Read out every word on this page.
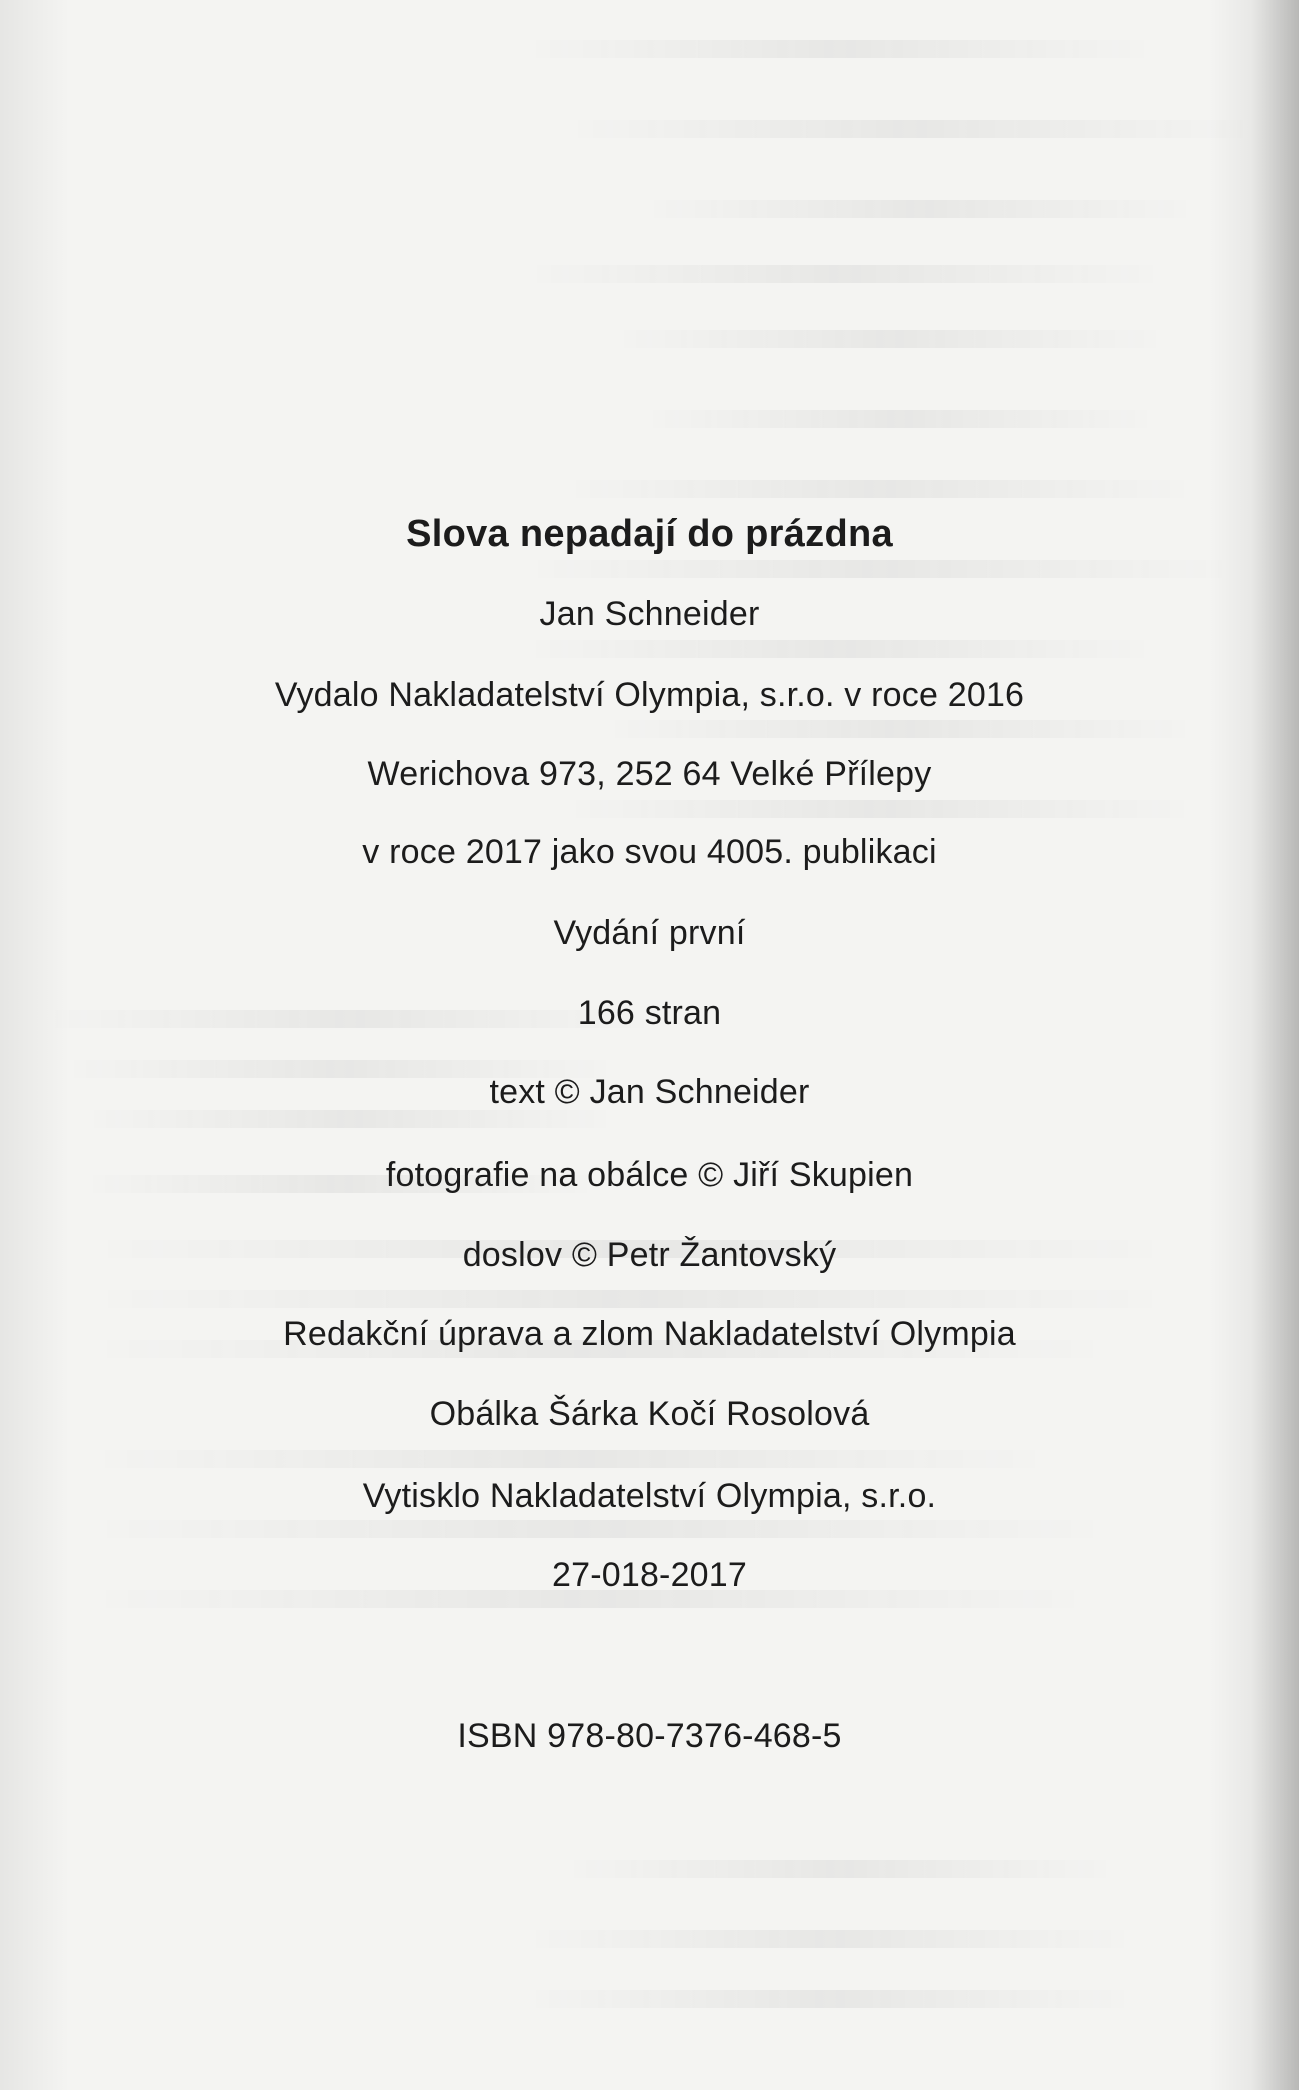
Slova nepadají do prázdna
Jan Schneider
Vydalo Nakladatelství Olympia, s.r.o. v roce 2016
Werichova 973, 252 64 Velké Přílepy
v roce 2017 jako svou 4005. publikaci
Vydání první
166 stran
text © Jan Schneider
fotografie na obálce © Jiří Skupien
doslov © Petr Žantovský
Redakční úprava a zlom Nakladatelství Olympia
Obálka Šárka Kočí Rosolová
Vytiskl​o Nakladatelství Olympia, s.r.o.
27-018-2017
ISBN 978-80-7376-468-5
